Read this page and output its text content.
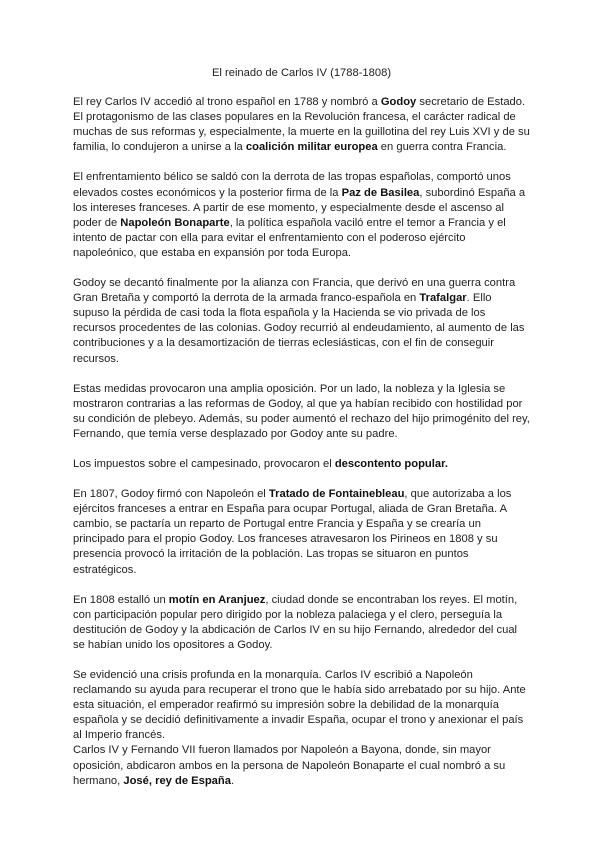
El reinado de Carlos IV (1788-1808)

El rey Carlos IV accedió al trono español en 1788 y nombró a Godoy secretario de Estado. El protagonismo de las clases populares en la Revolución francesa, el carácter radical de muchas de sus reformas y, especialmente, la muerte en la guillotina del rey Luis XVI y de su familia, lo condujeron a unirse a la coalición militar europea en guerra contra Francia.

El enfrentamiento bélico se saldó con la derrota de las tropas españolas, comportó unos elevados costes económicos y la posterior firma de la Paz de Basilea, subordinó España a los intereses franceses. A partir de ese momento, y especialmente desde el ascenso al poder de Napoleón Bonaparte, la política española vaciló entre el temor a Francia y el intento de pactar con ella para evitar el enfrentamiento con el poderoso ejército napoleónico, que estaba en expansión por toda Europa.

Godoy se decantó finalmente por la alianza con Francia, que derivó en una guerra contra Gran Bretaña y comportó la derrota de la armada franco-española en Trafalgar. Ello supuso la pérdida de casi toda la flota española y la Hacienda se vio privada de los recursos procedentes de las colonias. Godoy recurrió al endeudamiento, al aumento de las contribuciones y a la desamortización de tierras eclesiásticas, con el fin de conseguir recursos.

Estas medidas provocaron una amplia oposición. Por un lado, la nobleza y la Iglesia se mostraron contrarias a las reformas de Godoy, al que ya habían recibido con hostilidad por su condición de plebeyo. Además, su poder aumentó el rechazo del hijo primogénito del rey, Fernando, que temía verse desplazado por Godoy ante su padre.

Los impuestos sobre el campesinado, provocaron el descontento popular.

En 1807, Godoy firmó con Napoleón el Tratado de Fontainebleau, que autorizaba a los ejércitos franceses a entrar en España para ocupar Portugal, aliada de Gran Bretaña. A cambio, se pactaría un reparto de Portugal entre Francia y España y se crearía un principado para el propio Godoy. Los franceses atravesaron los Pirineos en 1808 y su presencia provocó la irritación de la población. Las tropas se situaron en puntos estratégicos.

En 1808 estalló un motín en Aranjuez, ciudad donde se encontraban los reyes. El motín, con participación popular pero dirigido por la nobleza palaciega y el clero, perseguía la destitución de Godoy y la abdicación de Carlos IV en su hijo Fernando, alrededor del cual se habían unido los opositores a Godoy.

Se evidenció una crisis profunda en la monarquía. Carlos IV escribió a Napoleón reclamando su ayuda para recuperar el trono que le había sido arrebatado por su hijo. Ante esta situación, el emperador reafirmó su impresión sobre la debilidad de la monarquía española y se decidió definitivamente a invadir España, ocupar el trono y anexionar el país al Imperio francés.

Carlos IV y Fernando VII fueron llamados por Napoleón a Bayona, donde, sin mayor oposición, abdicaron ambos en la persona de Napoleón Bonaparte el cual nombró a su hermano, José, rey de España.
